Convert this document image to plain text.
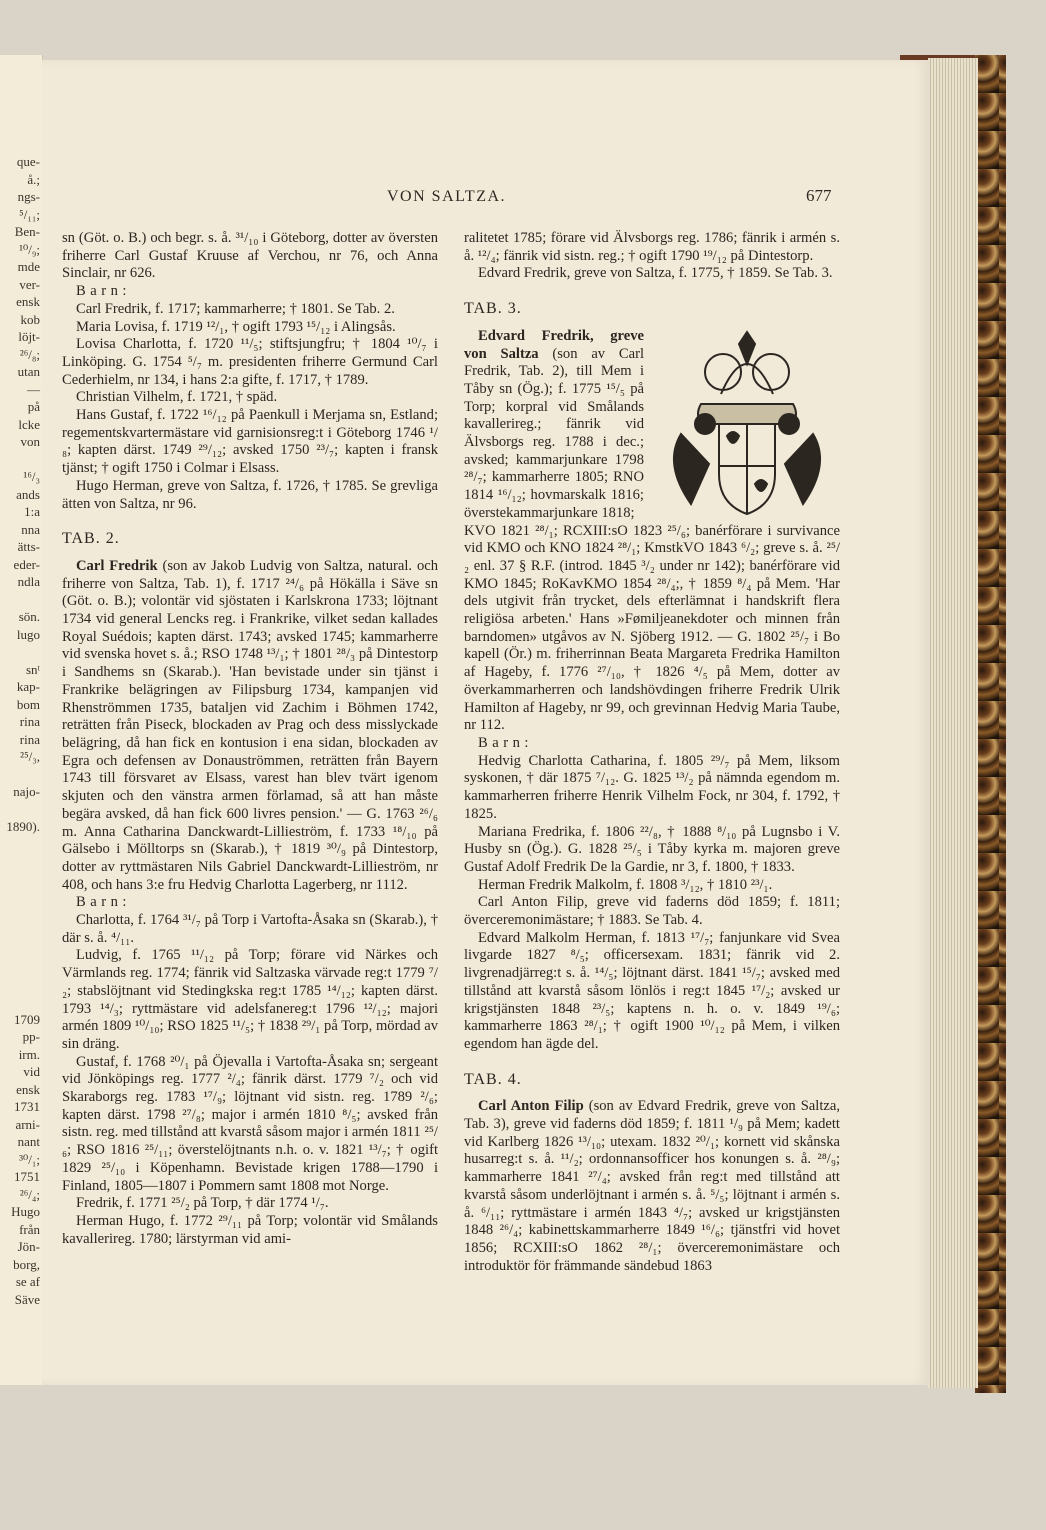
que-
å.;
ngs-
⁵/₁₁;
Ben-
¹⁰/₉;
mde
ver-
ensk
kob
löjt-
²⁶/₈;
utan
—
på
lcke
von

¹⁶/₃
ands
1:a
nna
ätts-
eder-
ndla

sön.
lugo

snᵗ
kap-
bom
rina
rina
²⁵/₃,

najo-

1890).

1709
pp-
irm.
vid
ensk
1731
arni-
nant
³⁰/₁;
1751
²⁶/₄;
Hugo
från
Jön-
borg,
se af
Säve
VON SALTZA.	677

sn (Göt. o. B.) och begr. s. å. ³¹/₁₀ i Göteborg, dotter av översten friherre Carl Gustaf Kruuse af Verchou, nr 76, och Anna Sinclair, nr 626.

Barn:

Carl Fredrik, f. 1717; kammarherre; † 1801. Se Tab. 2.

Maria Lovisa, f. 1719 ¹²/₁, † ogift 1793 ¹⁵/₁₂ i Alingsås.

Lovisa Charlotta, f. 1720 ¹¹/₅; stiftsjungfru; † 1804 ¹⁰/₇ i Linköping. G. 1754 ⁵/₇ m. presidenten friherre Germund Carl Cederhielm, nr 134, i hans 2:a gifte, f. 1717, † 1789.

Christian Vilhelm, f. 1721, † späd.

Hans Gustaf, f. 1722 ¹⁶/₁₂ på Paenkull i Merjama sn, Estland; regementskvartermästare vid garnisionsreg:t i Göteborg 1746 ¹/₈; kapten därst. 1749 ²⁹/₁₂; avsked 1750 ²³/₇; kapten i fransk tjänst; † ogift 1750 i Colmar i Elsass.

Hugo Herman, greve von Saltza, f. 1726, † 1785. Se grevliga ätten von Saltza, nr 96.

TAB. 2.

Carl Fredrik (son av Jakob Ludvig von Saltza, natural. och friherre von Saltza, Tab. 1), f. 1717 ²⁴/₆ på Hökälla i Säve sn (Göt. o. B.); volontär vid sjöstaten i Karlskrona 1733; löjtnant 1734 vid general Lencks reg. i Frankrike, vilket sedan kallades Royal Suédois; kapten därst. 1743; avsked 1745; kammarherre vid svenska hovet s. å.; RSO 1748 ¹³/₁; † 1801 ²⁸/₃ på Dintestorp i Sandhems sn (Skarab.). 'Han bevistade under sin tjänst i Frankrike belägringen av Filipsburg 1734, kampanjen vid Rhenströmmen 1735, bataljen vid Zachim i Böhmen 1742, reträtten från Piseck, blockaden av Prag och dess misslyckade belägring, då han fick en kontusion i ena sidan, blockaden av Egra och defensen av Donauströmmen, reträtten från Bayern 1743 till försvaret av Elsass, varest han blev tvärt igenom skjuten och den vänstra armen förlamad, så att han måste begära avsked, då han fick 600 livres pension.' — G. 1763 ²⁶/₆ m. Anna Catharina Danckwardt-Lillieström, f. 1733 ¹⁸/₁₀ på Gälsebo i Mölltorps sn (Skarab.), † 1819 ³⁰/₉ på Dintestorp, dotter av ryttmästaren Nils Gabriel Danckwardt-Lillieström, nr 408, och hans 3:e fru Hedvig Charlotta Lagerberg, nr 1112.

Barn:

Charlotta, f. 1764 ³¹/₇ på Torp i Vartofta-Åsaka sn (Skarab.), † där s. å. ⁴/₁₁.

Ludvig, f. 1765 ¹¹/₁₂ på Torp; förare vid Närkes och Värmlands reg. 1774; fänrik vid Saltzaska värvade reg:t 1779 ⁷/₂; stabslöjtnant vid Stedingkska reg:t 1785 ¹⁴/₁₂; kapten därst. 1793 ¹⁴/₃; ryttmästare vid adelsfanereg:t 1796 ¹²/₁₂; majori armén 1809 ¹⁰/₁₀; RSO 1825 ¹¹/₅; † 1838 ²⁹/₁ på Torp, mördad av sin dräng.

Gustaf, f. 1768 ²⁰/₁ på Öjevalla i Vartofta-Åsaka sn; sergeant vid Jönköpings reg. 1777 ²/₄; fänrik därst. 1779 ⁷/₂ och vid Skaraborgs reg. 1783 ¹⁷/₉; löjtnant vid sistn. reg. 1789 ²/₆; kapten därst. 1798 ²⁷/₈; major i armén 1810 ⁸/₅; avsked från sistn. reg. med tillstånd att kvarstå såsom major i armén 1811 ²⁵/₆; RSO 1816 ²⁵/₁₁; överstelöjtnants n.h. o. v. 1821 ¹³/₇; † ogift 1829 ²⁵/₁₀ i Köpenhamn. Bevistade krigen 1788—1790 i Finland, 1805—1807 i Pommern samt 1808 mot Norge.

Fredrik, f. 1771 ²⁵/₂ på Torp, † där 1774 ¹/₇.

Herman Hugo, f. 1772 ²⁹/₁₁ på Torp; volontär vid Smålands kavallerireg. 1780; lärstyrman vid ami-

ralitetet 1785; förare vid Älvsborgs reg. 1786; fänrik i armén s. å. ¹²/₄; fänrik vid sistn. reg.; † ogift 1790 ¹⁹/₁₂ på Dintestorp.

Edvard Fredrik, greve von Saltza, f. 1775, † 1859. Se Tab. 3.

TAB. 3.

Edvard Fredrik, greve von Saltza (son av Carl Fredrik, Tab. 2), till Mem i Tåby sn (Ög.); f. 1775 ¹⁵/₅ på Torp; korpral vid Smålands kavallerireg.; fänrik vid Älvsborgs reg. 1788 i dec.; avsked; kammarjunkare 1798 ²⁸/₇; kammarherre 1805; RNO 1814 ¹⁶/₁₂; hovmarskalk 1816; överstekammarjunkare 1818;

KVO 1821 ²⁸/₁; RCXIII:sO 1823 ²⁵/₆; banérförare i survivance vid KMO och KNO 1824 ²⁸/₁; KmstkVO 1843 ⁶/₂; greve s. å. ²⁵/₂ enl. 37 § R.F. (introd. 1845 ³/₂ under nr 142); banérförare vid KMO 1845; RoKavKMO 1854 ²⁸/₄;, † 1859 ⁸/₄ på Mem. 'Har dels utgivit från trycket, dels efterlämnat i handskrift flera religiösa arbeten.' Hans »Fømiljeanekdoter och minnen från barndomen» utgåvos av N. Sjöberg 1912. — G. 1802 ²⁵/₇ i Bo kapell (Ör.) m. friherrinnan Beata Margareta Fredrika Hamilton af Hageby, f. 1776 ²⁷/₁₀, † 1826 ⁴/₅ på Mem, dotter av överkammarherren och landshövdingen friherre Fredrik Ulrik Hamilton af Hageby, nr 99, och grevinnan Hedvig Maria Taube, nr 112.

Barn:

Hedvig Charlotta Catharina, f. 1805 ²⁹/₇ på Mem, liksom syskonen, † där 1875 ⁷/₁₂. G. 1825 ¹³/₂ på nämnda egendom m. kammarherren friherre Henrik Vilhelm Fock, nr 304, f. 1792, † 1825.

Mariana Fredrika, f. 1806 ²²/₈, † 1888 ⁸/₁₀ på Lugnsbo i V. Husby sn (Ög.). G. 1828 ²⁵/₅ i Tåby kyrka m. majoren greve Gustaf Adolf Fredrik De la Gardie, nr 3, f. 1800, † 1833.

Herman Fredrik Malkolm, f. 1808 ³/₁₂, † 1810 ²³/₁.

Carl Anton Filip, greve vid faderns död 1859; f. 1811; överceremonimästare; † 1883. Se Tab. 4.

Edvard Malkolm Herman, f. 1813 ¹⁷/₇; fanjunkare vid Svea livgarde 1827 ⁸/₅; officersexam. 1831; fänrik vid 2. livgrenadjärreg:t s. å. ¹⁴/₅; löjtnant därst. 1841 ¹⁵/₇; avsked med tillstånd att kvarstå såsom lönlös i reg:t 1845 ¹⁷/₂; avsked ur krigstjänsten 1848 ²³/₅; kaptens n. h. o. v. 1849 ¹⁹/₆; kammarherre 1863 ²⁸/₁; † ogift 1900 ¹⁰/₁₂ på Mem, i vilken egendom han ägde del.

TAB. 4.

Carl Anton Filip (son av Edvard Fredrik, greve von Saltza, Tab. 3), greve vid faderns död 1859; f. 1811 ¹/₉ på Mem; kadett vid Karlberg 1826 ¹³/₁₀; utexam. 1832 ²⁰/₁; kornett vid skånska husarreg:t s. å. ¹¹/₂; ordonnansofficer hos konungen s. å. ²⁸/₉; kammarherre 1841 ²⁷/₄; avsked från reg:t med tillstånd att kvarstå såsom underlöjtnant i armén s. å. ⁵/₅; löjtnant i armén s. å. ⁶/₁₁; ryttmästare i armén 1843 ⁴/₇; avsked ur krigstjänsten 1848 ²⁶/₄; kabinettskammarherre 1849 ¹⁶/₆; tjänstfri vid hovet 1856; RCXIII:sO 1862 ²⁸/₁; överceremonimästare och introduktör för främmande sändebud 1863
